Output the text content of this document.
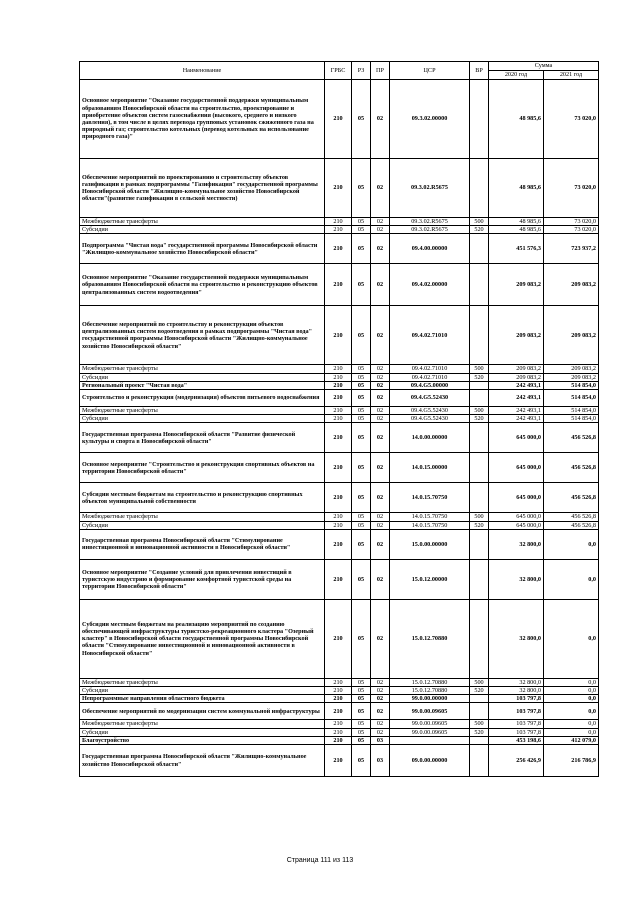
Наименование	ГРБС	РЗ	ПР	ЦСР	ВР	Сумма	
						2020 год	2021 год
Основное мероприятие "Оказание государственной поддержки муниципальным образованиям Новосибирской области на строительство, проектирование и приобретение объектов систем газоснабжения (высокого, среднего и низкого давления), в том числе в целях перевода групповых установок сжиженного газа на природный газ; строительство котельных (перевод котельных на использование природного газа)"	210	05	02	09.3.02.00000		48 985,6	73 020,0
Обеспечение мероприятий по проектированию и строительству объектов газификации в рамках подпрограммы "Газификация" государственной программы Новосибирской области "Жилищно-коммунальное хозяйство Новосибирской области"(развитие газификации в сельской местности)	210	05	02	09.3.02.R5675		48 985,6	73 020,0
Межбюджетные трансферты	210	05	02	09.3.02.R5675	500	48 985,6	73 020,0
Субсидии	210	05	02	09.3.02.R5675	520	48 985,6	73 020,0
Подпрограмма "Чистая вода" государственной программы Новосибирской области "Жилищно-коммунальное хозяйство Новосибирской области"	210	05	02	09.4.00.00000		451 576,3	723 937,2
Основное мероприятие "Оказание государственной поддержки муниципальным образованиям Новосибирской области на строительство и реконструкцию объектов централизованных систем водоотведения"	210	05	02	09.4.02.00000		209 083,2	209 083,2
Обеспечение мероприятий по строительству и реконструкции объектов централизованных систем водоотведения в рамках подпрограммы "Чистая вода" государственной программы Новосибирской области "Жилищно-коммунальное хозяйство Новосибирской области"	210	05	02	09.4.02.71010		209 083,2	209 083,2
Межбюджетные трансферты	210	05	02	09.4.02.71010	500	209 083,2	209 083,2
Субсидии	210	05	02	09.4.02.71010	520	209 083,2	209 083,2
Региональный проект "Чистая вода"	210	05	02	09.4.G5.00000		242 493,1	514 854,0
Строительство и реконструкция (модернизация) объектов питьевого водоснабжения	210	05	02	09.4.G5.52430		242 493,1	514 854,0
Межбюджетные трансферты	210	05	02	09.4.G5.52430	500	242 493,1	514 854,0
Субсидии	210	05	02	09.4.G5.52430	520	242 493,1	514 854,0
Государственная программа Новосибирской области "Развитие физической культуры и спорта в Новосибирской области"	210	05	02	14.0.00.00000		645 000,0	456 526,8
Основное мероприятие "Строительство и реконструкция спортивных объектов на территории Новосибирской области"	210	05	02	14.0.15.00000		645 000,0	456 526,8
Субсидии местным бюджетам на строительство и реконструкцию спортивных объектов муниципальной собственности	210	05	02	14.0.15.70750		645 000,0	456 526,8
Межбюджетные трансферты	210	05	02	14.0.15.70750	500	645 000,0	456 526,8
Субсидии	210	05	02	14.0.15.70750	520	645 000,0	456 526,8
Государственная программа Новосибирской области "Стимулирование инвестиционной и инновационной активности в Новосибирской области"	210	05	02	15.0.00.00000		32 800,0	0,0
Основное мероприятие "Создание условий для привлечения инвестиций в туристскую индустрию и формирование комфортной туристской среды на территории Новосибирской области"	210	05	02	15.0.12.00000		32 800,0	0,0
Субсидии местным бюджетам на реализацию мероприятий по созданию обеспечивающей инфраструктуры туристско-рекреационного кластера "Озерный кластер" в Новосибирской области государственной программы Новосибирской области "Стимулирование инвестиционной и инновационной активности в Новосибирской области"	210	05	02	15.0.12.70880		32 800,0	0,0
Межбюджетные трансферты	210	05	02	15.0.12.70880	500	32 800,0	0,0
Субсидии	210	05	02	15.0.12.70880	520	32 800,0	0,0
Непрограммные направления областного бюджета	210	05	02	99.0.00.00000		103 797,8	0,0
Обеспечение мероприятий по модернизации систем коммунальной инфраструктуры	210	05	02	99.0.00.09605		103 797,8	0,0
Межбюджетные трансферты	210	05	02	99.0.00.09605	500	103 797,8	0,0
Субсидии	210	05	02	99.0.00.09605	520	103 797,8	0,0
Благоустройство	210	05	03			453 198,6	412 079,0
Государственная программа Новосибирской области "Жилищно-коммунальное хозяйство Новосибирской области"	210	05	03	09.0.00.00000		256 426,9	216 786,9
Страница 111 из 113
